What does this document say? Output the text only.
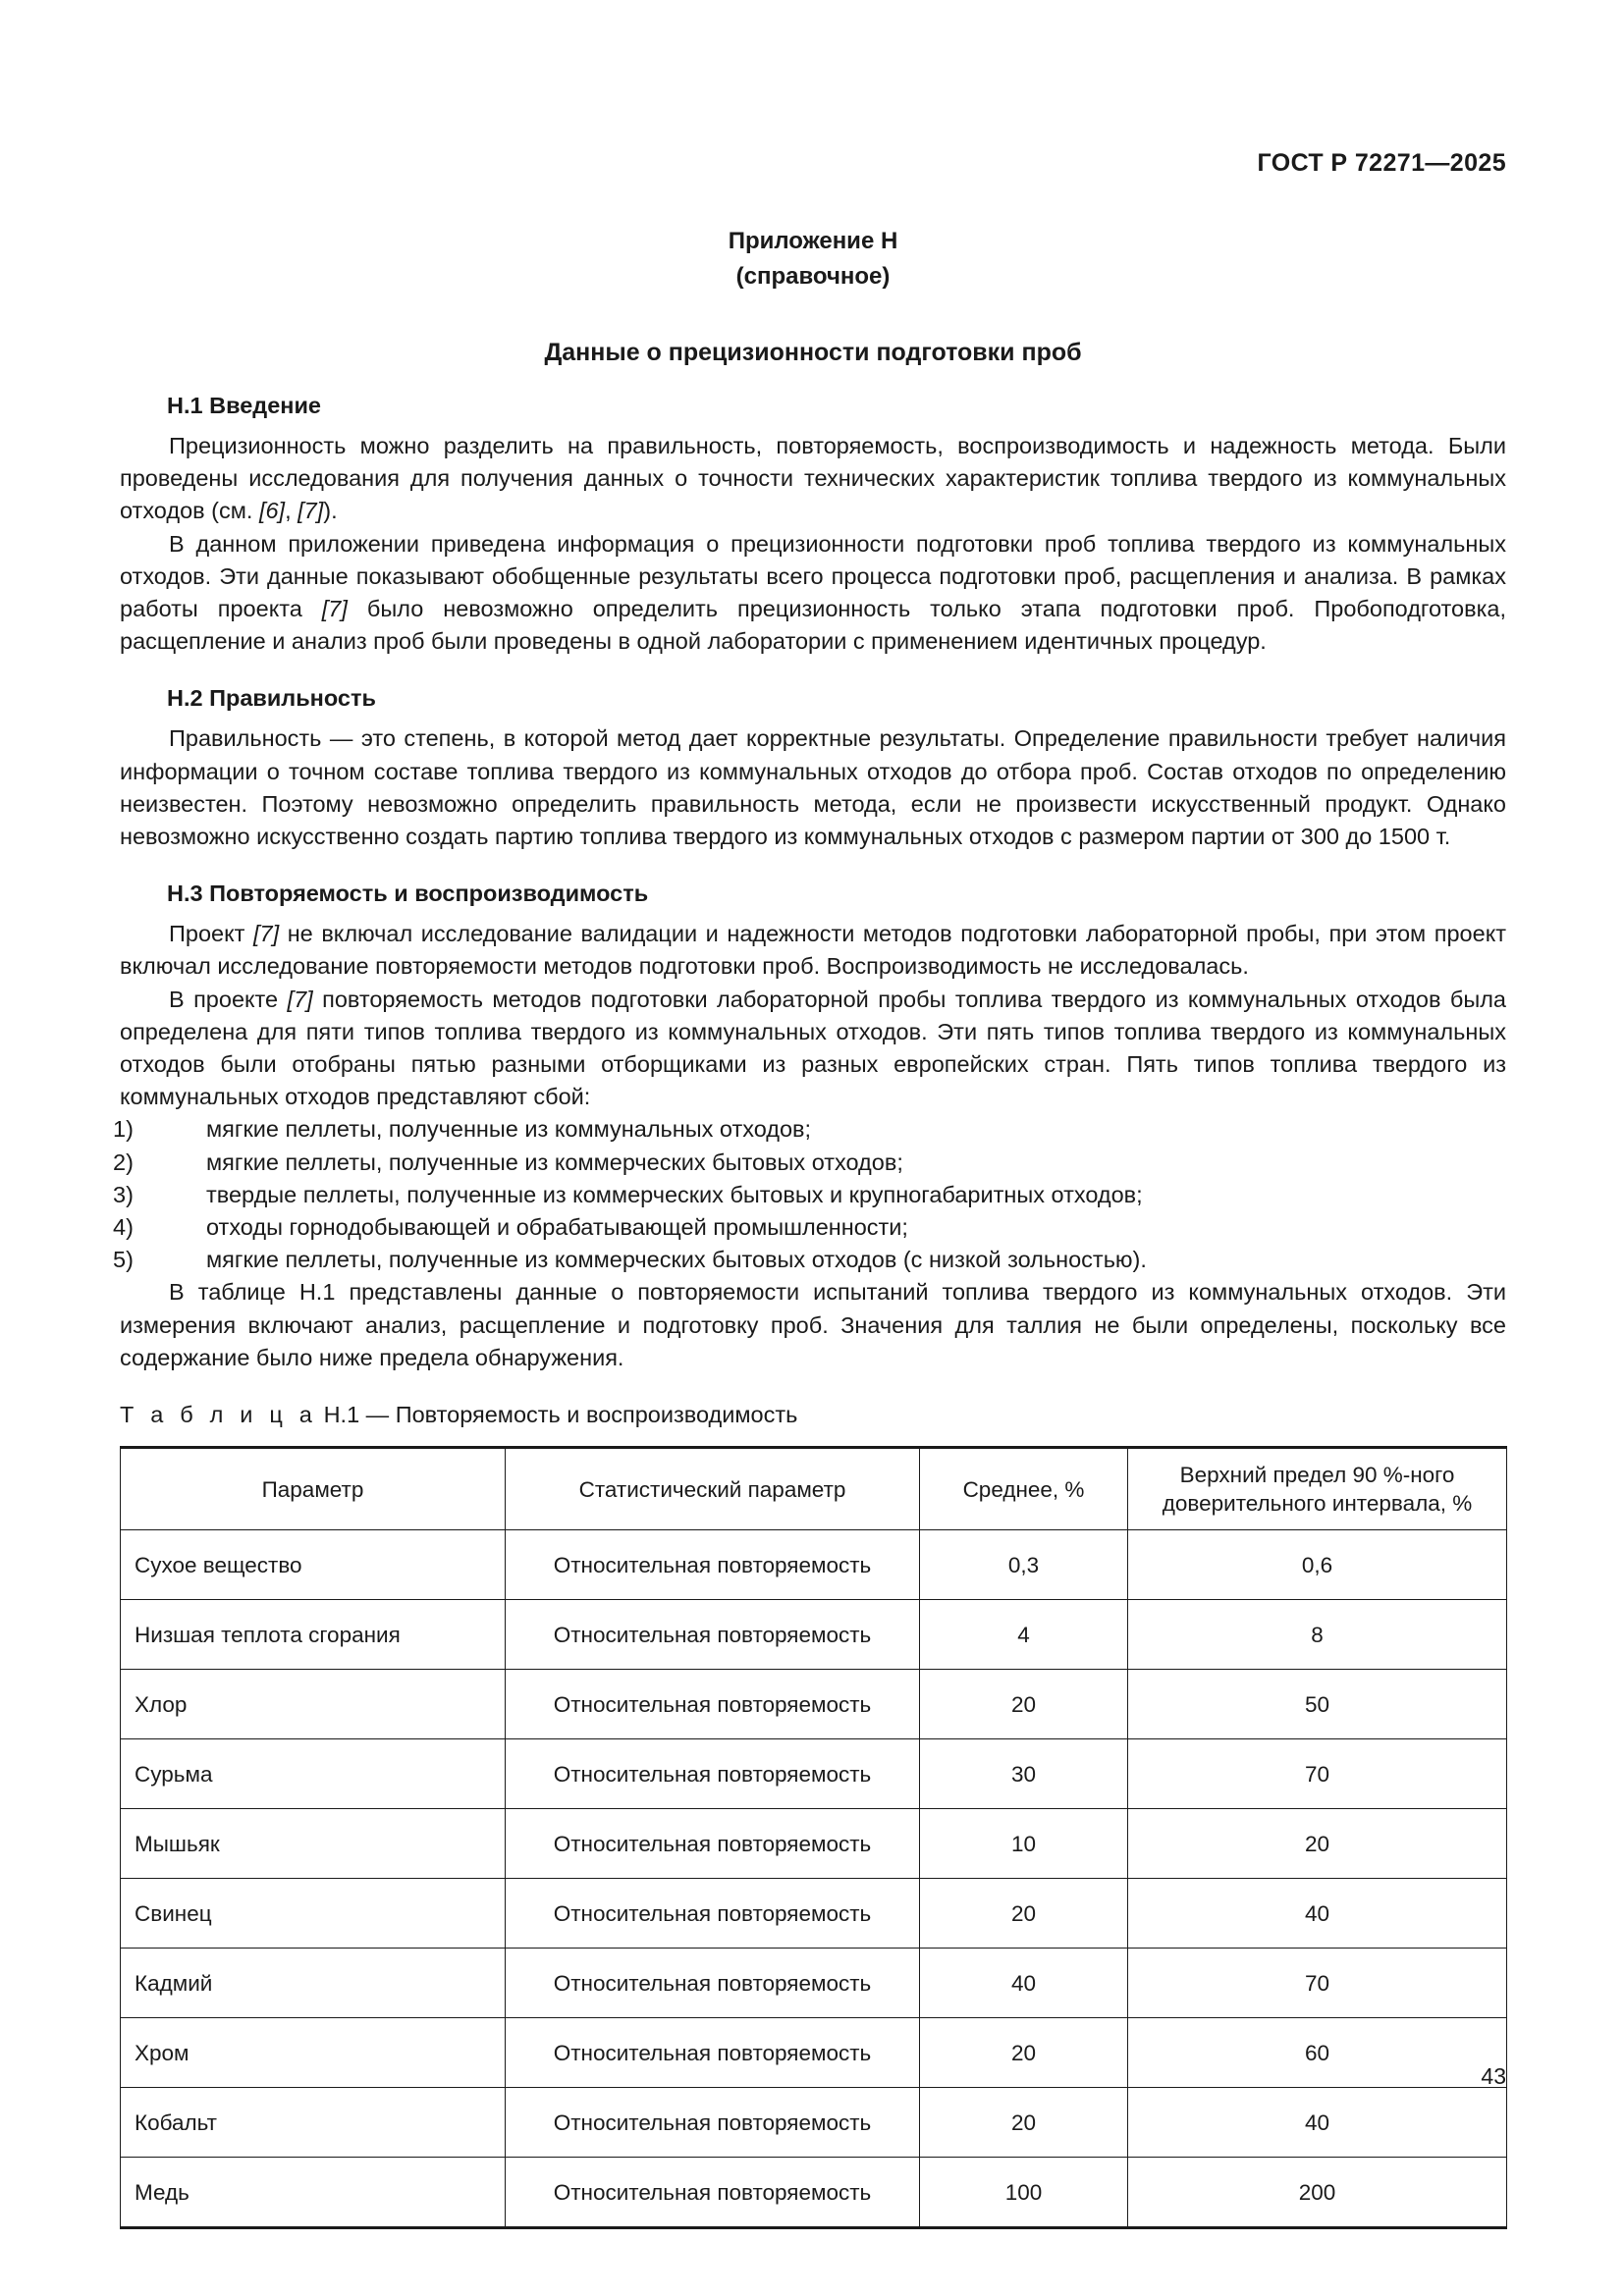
ГОСТ Р 72271—2025
Приложение Н
(справочное)
Данные о прецизионности подготовки проб
H.1 Введение

Прецизионность можно разделить на правильность, повторяемость, воспроизводимость и надежность метода. Были проведены исследования для получения данных о точности технических характеристик топлива твердого из коммунальных отходов (см. [6], [7]).

В данном приложении приведена информация о прецизионности подготовки проб топлива твердого из коммунальных отходов. Эти данные показывают обобщенные результаты всего процесса подготовки проб, расщепления и анализа. В рамках работы проекта [7] было невозможно определить прецизионность только этапа подготовки проб. Пробоподготовка, расщепление и анализ проб были проведены в одной лаборатории с применением идентичных процедур.

H.2 Правильность

Правильность — это степень, в которой метод дает корректные результаты. Определение правильности требует наличия информации о точном составе топлива твердого из коммунальных отходов до отбора проб. Состав отходов по определению неизвестен. Поэтому невозможно определить правильность метода, если не произвести искусственный продукт. Однако невозможно искусственно создать партию топлива твердого из коммунальных отходов с размером партии от 300 до 1500 т.

H.3 Повторяемость и воспроизводимость

Проект [7] не включал исследование валидации и надежности методов подготовки лабораторной пробы, при этом проект включал исследование повторяемости методов подготовки проб. Воспроизводимость не исследовалась.

В проекте [7] повторяемость методов подготовки лабораторной пробы топлива твердого из коммунальных отходов была определена для пяти типов топлива твердого из коммунальных отходов. Эти пять типов топлива твердого из коммунальных отходов были отобраны пятью разными отборщиками из разных европейских стран. Пять типов топлива твердого из коммунальных отходов представляют сбой:

1)	мягкие пеллеты, полученные из коммунальных отходов;
2)	мягкие пеллеты, полученные из коммерческих бытовых отходов;
3)	твердые пеллеты, полученные из коммерческих бытовых и крупногабаритных отходов;
4)	отходы горнодобывающей и обрабатывающей промышленности;
5)	мягкие пеллеты, полученные из коммерческих бытовых отходов (с низкой зольностью).

В таблице Н.1 представлены данные о повторяемости испытаний топлива твердого из коммунальных отходов. Эти измерения включают анализ, расщепление и подготовку проб. Значения для таллия не были определены, поскольку все содержание было ниже предела обнаружения.

Т а б л и ц а Н.1 — Повторяемость и воспроизводимость
Параметр	Статистический параметр	Среднее, %	Верхний предел 90 %-ного доверительного интервала, %
Сухое вещество	Относительная повторяемость	0,3	0,6
Низшая теплота сгорания	Относительная повторяемость	4	8
Хлор	Относительная повторяемость	20	50
Сурьма	Относительная повторяемость	30	70
Мышьяк	Относительная повторяемость	10	20
Свинец	Относительная повторяемость	20	40
Кадмий	Относительная повторяемость	40	70
Хром	Относительная повторяемость	20	60
Кобальт	Относительная повторяемость	20	40
Медь	Относительная повторяемость	100	200
43
